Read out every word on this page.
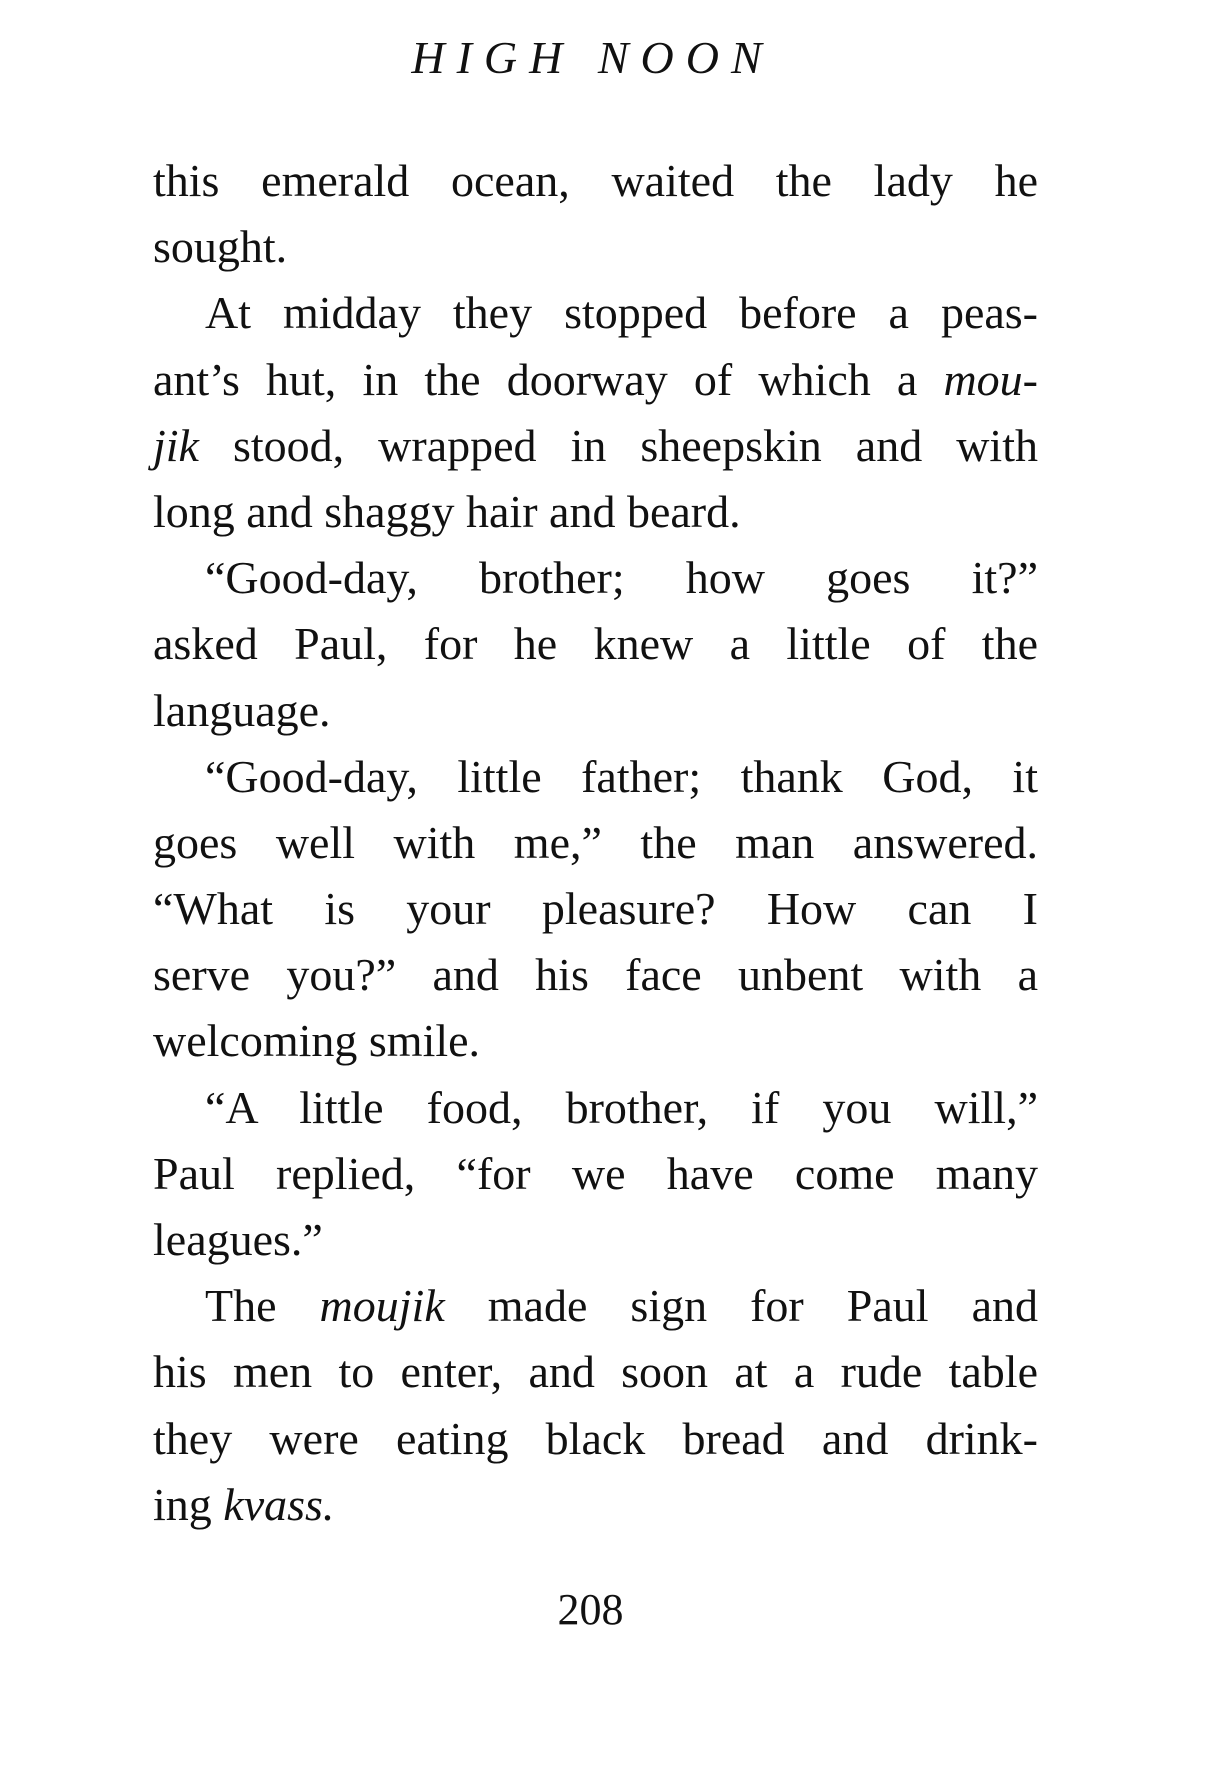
HIGH NOON
this emerald ocean, waited the lady he
sought.
At midday they stopped before a peas-
ant’s hut, in the doorway of which a mou-
jik stood, wrapped in sheepskin and with
long and shaggy hair and beard.
“Good-day, brother; how goes it?”
asked Paul, for he knew a little of the
language.
“Good-day, little father; thank God, it
goes well with me,” the man answered.
“What is your pleasure? How can I
serve you?” and his face unbent with a
welcoming smile.
“A little food, brother, if you will,”
Paul replied, “for we have come many
leagues.”
The moujik made sign for Paul and
his men to enter, and soon at a rude table
they were eating black bread and drink-
ing kvass.
208
